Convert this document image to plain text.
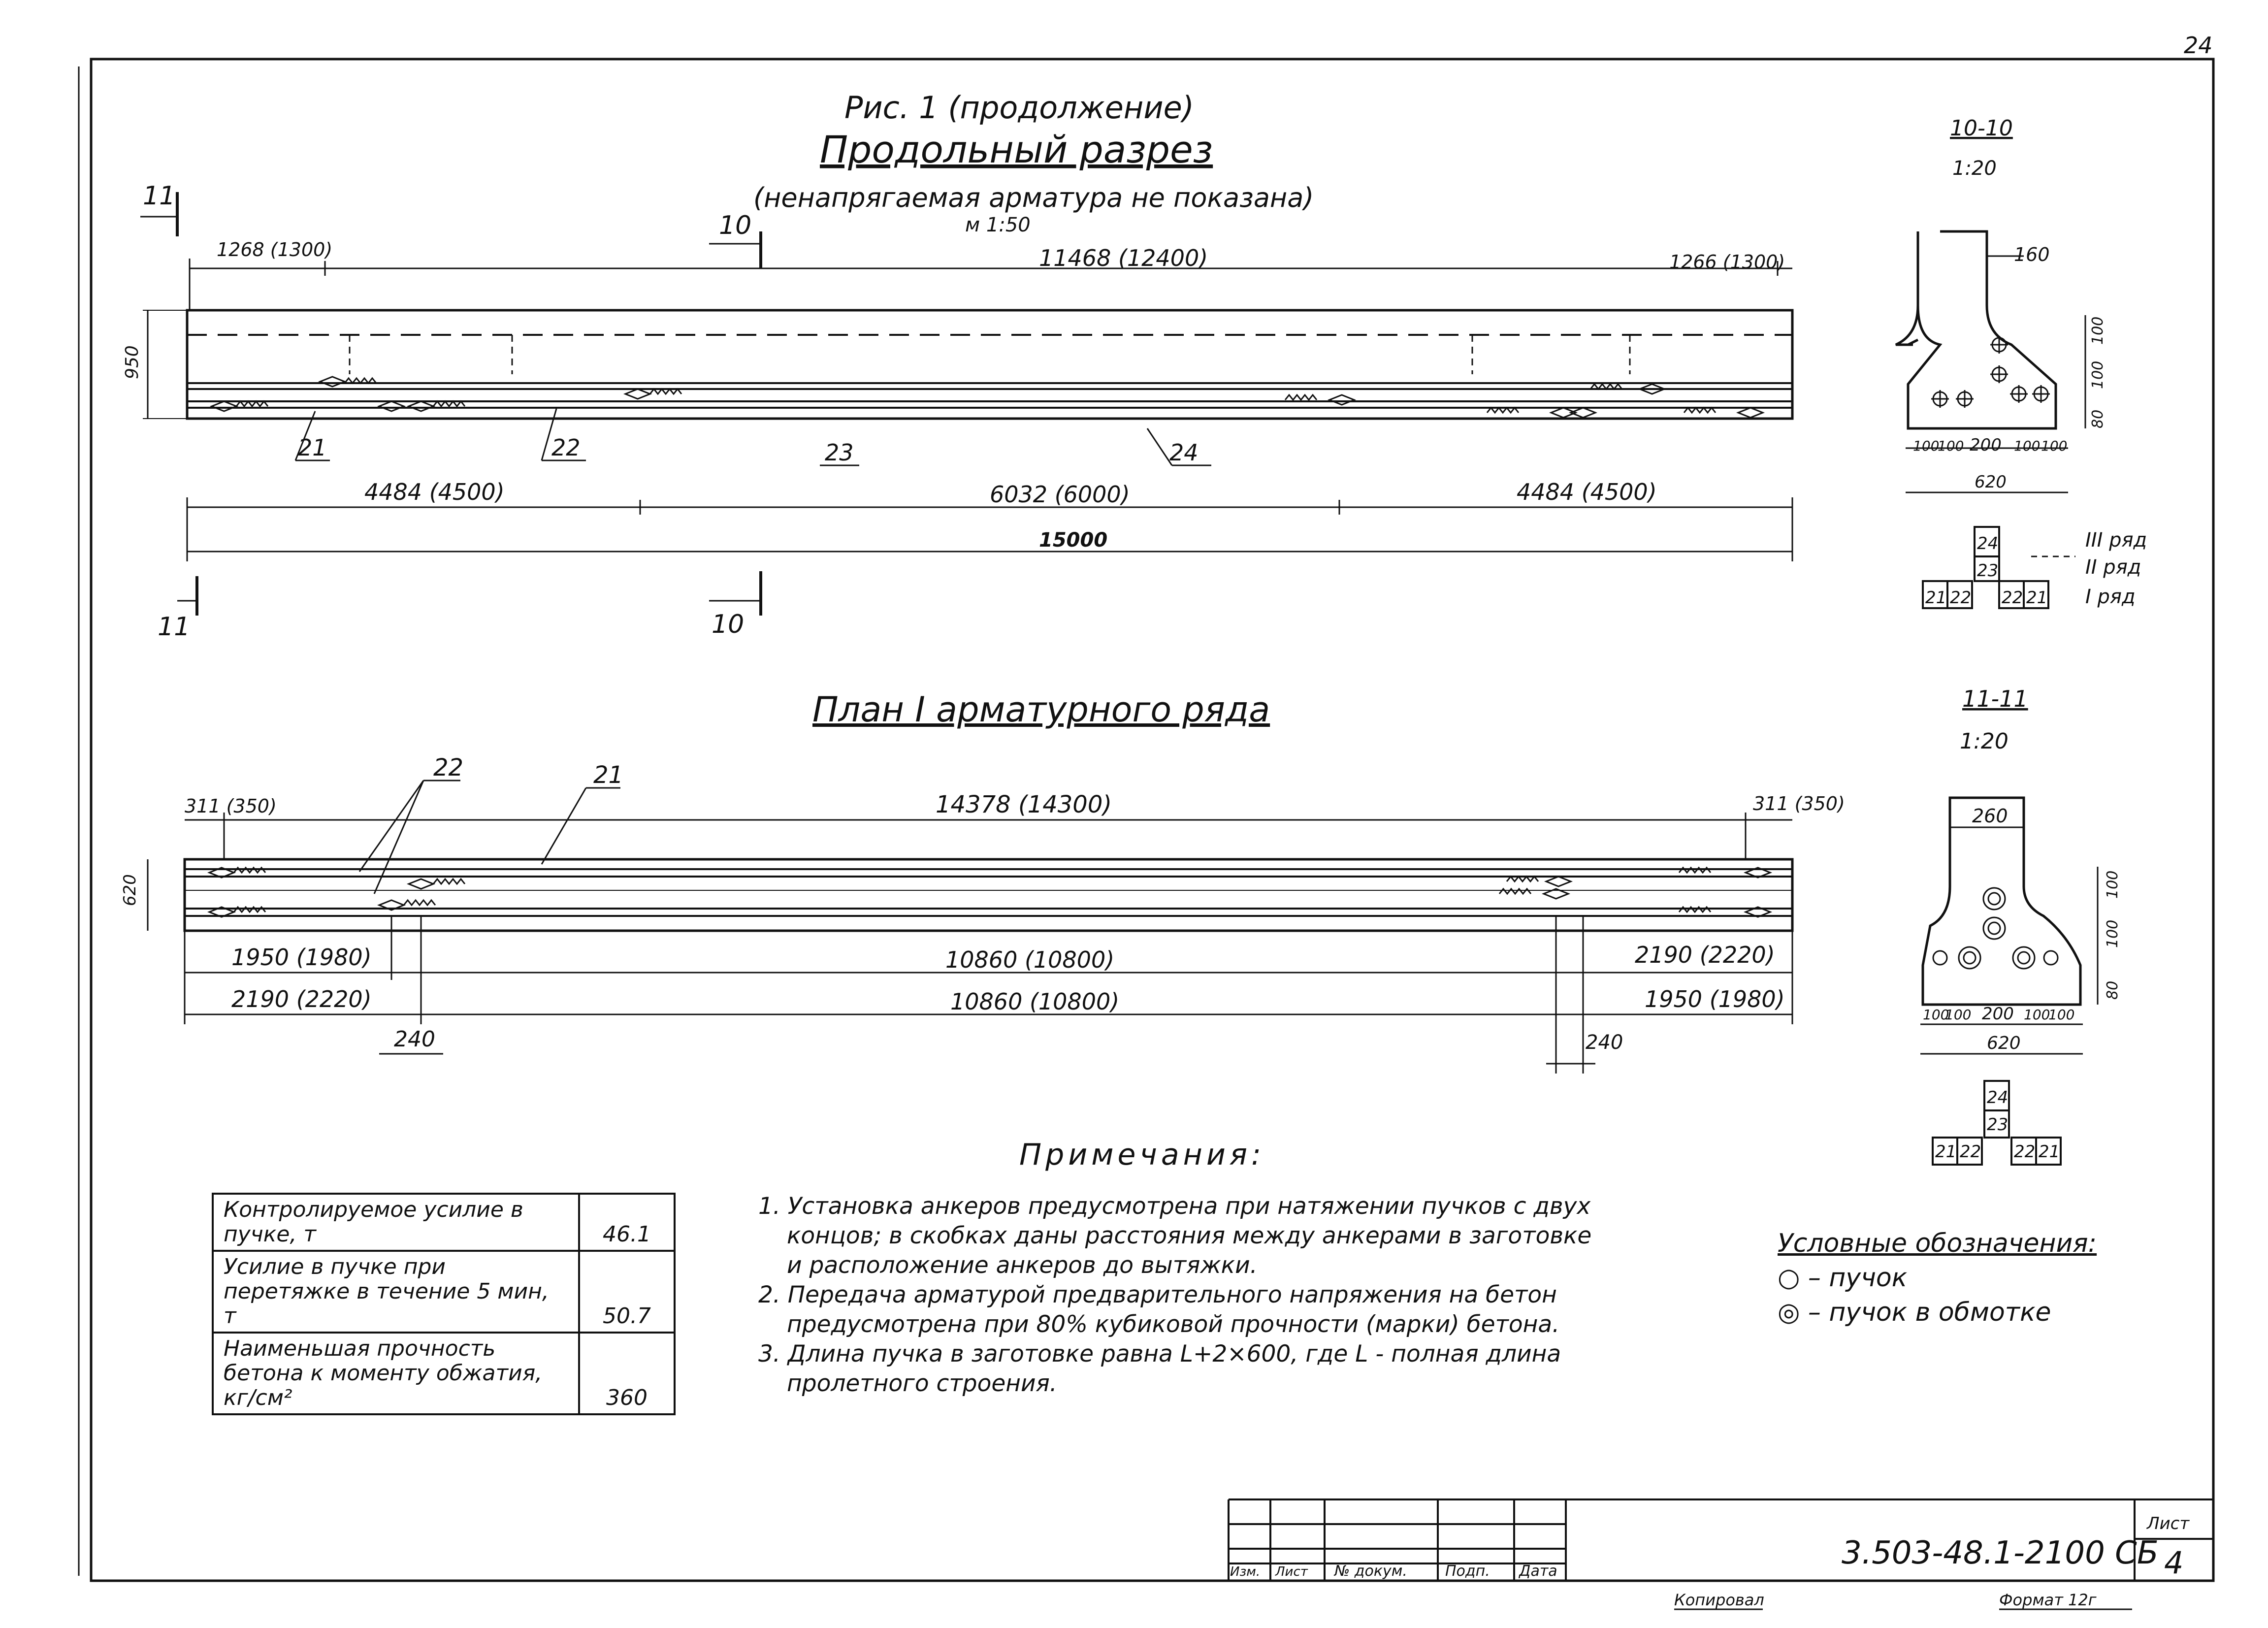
24
Рис. 1 (продолжение)
Продольный разрез
(ненапрягаемая арматура не показана)
м 1:50
11
10
11	10
1268 (1300)	11468 (12400)	1266 (1300)
950
21	22	23	24
4484 (4500)	6032 (6000)	4484 (4500)
15000
10-10
1:20
160
100
100
80
100
100 200 100 100
620
24
23
21 22 22 21
III ряд
II ряд
I ряд
План I арматурного ряда
22	21
311 (350)	14378 (14300)	311 (350)
620
1950 (1980)	10860 (10800)	2190 (2220)
2190 (2220)	10860 (10800)	1950 (1980)
240	240
11-11
1:20
260
100
100
80
100
100 200 100
100
620
24
23
21 22 22 21
Изм. Лист № докум.	Подп. Дата	3.503-48.1-2100 СБ
Лист
4
Копировал	Формат 12г
Примечания:
1. Установка анкеров предусмотрена при натяжении пучков с двух концов; в скобках даны расстояния между анкерами в заготовке и расположение анкеров до вытяжки.
2. Передача арматурой предварительного напряжения на бетон предусмотрена при 80% кубиковой прочности (марки) бетона.
3. Длина пучка в заготовке равна L+2×600, где L - полная длина пролетного строения.
Контролируемое усилие в пучке, т	46.1
Усилие в пучке при перетяжке в течение 5 мин, т	50.7
Наименьшая прочность бетона к моменту обжатия, кг/см²	360
Условные обозначения:
○ – пучок
◎ – пучок в обмотке
